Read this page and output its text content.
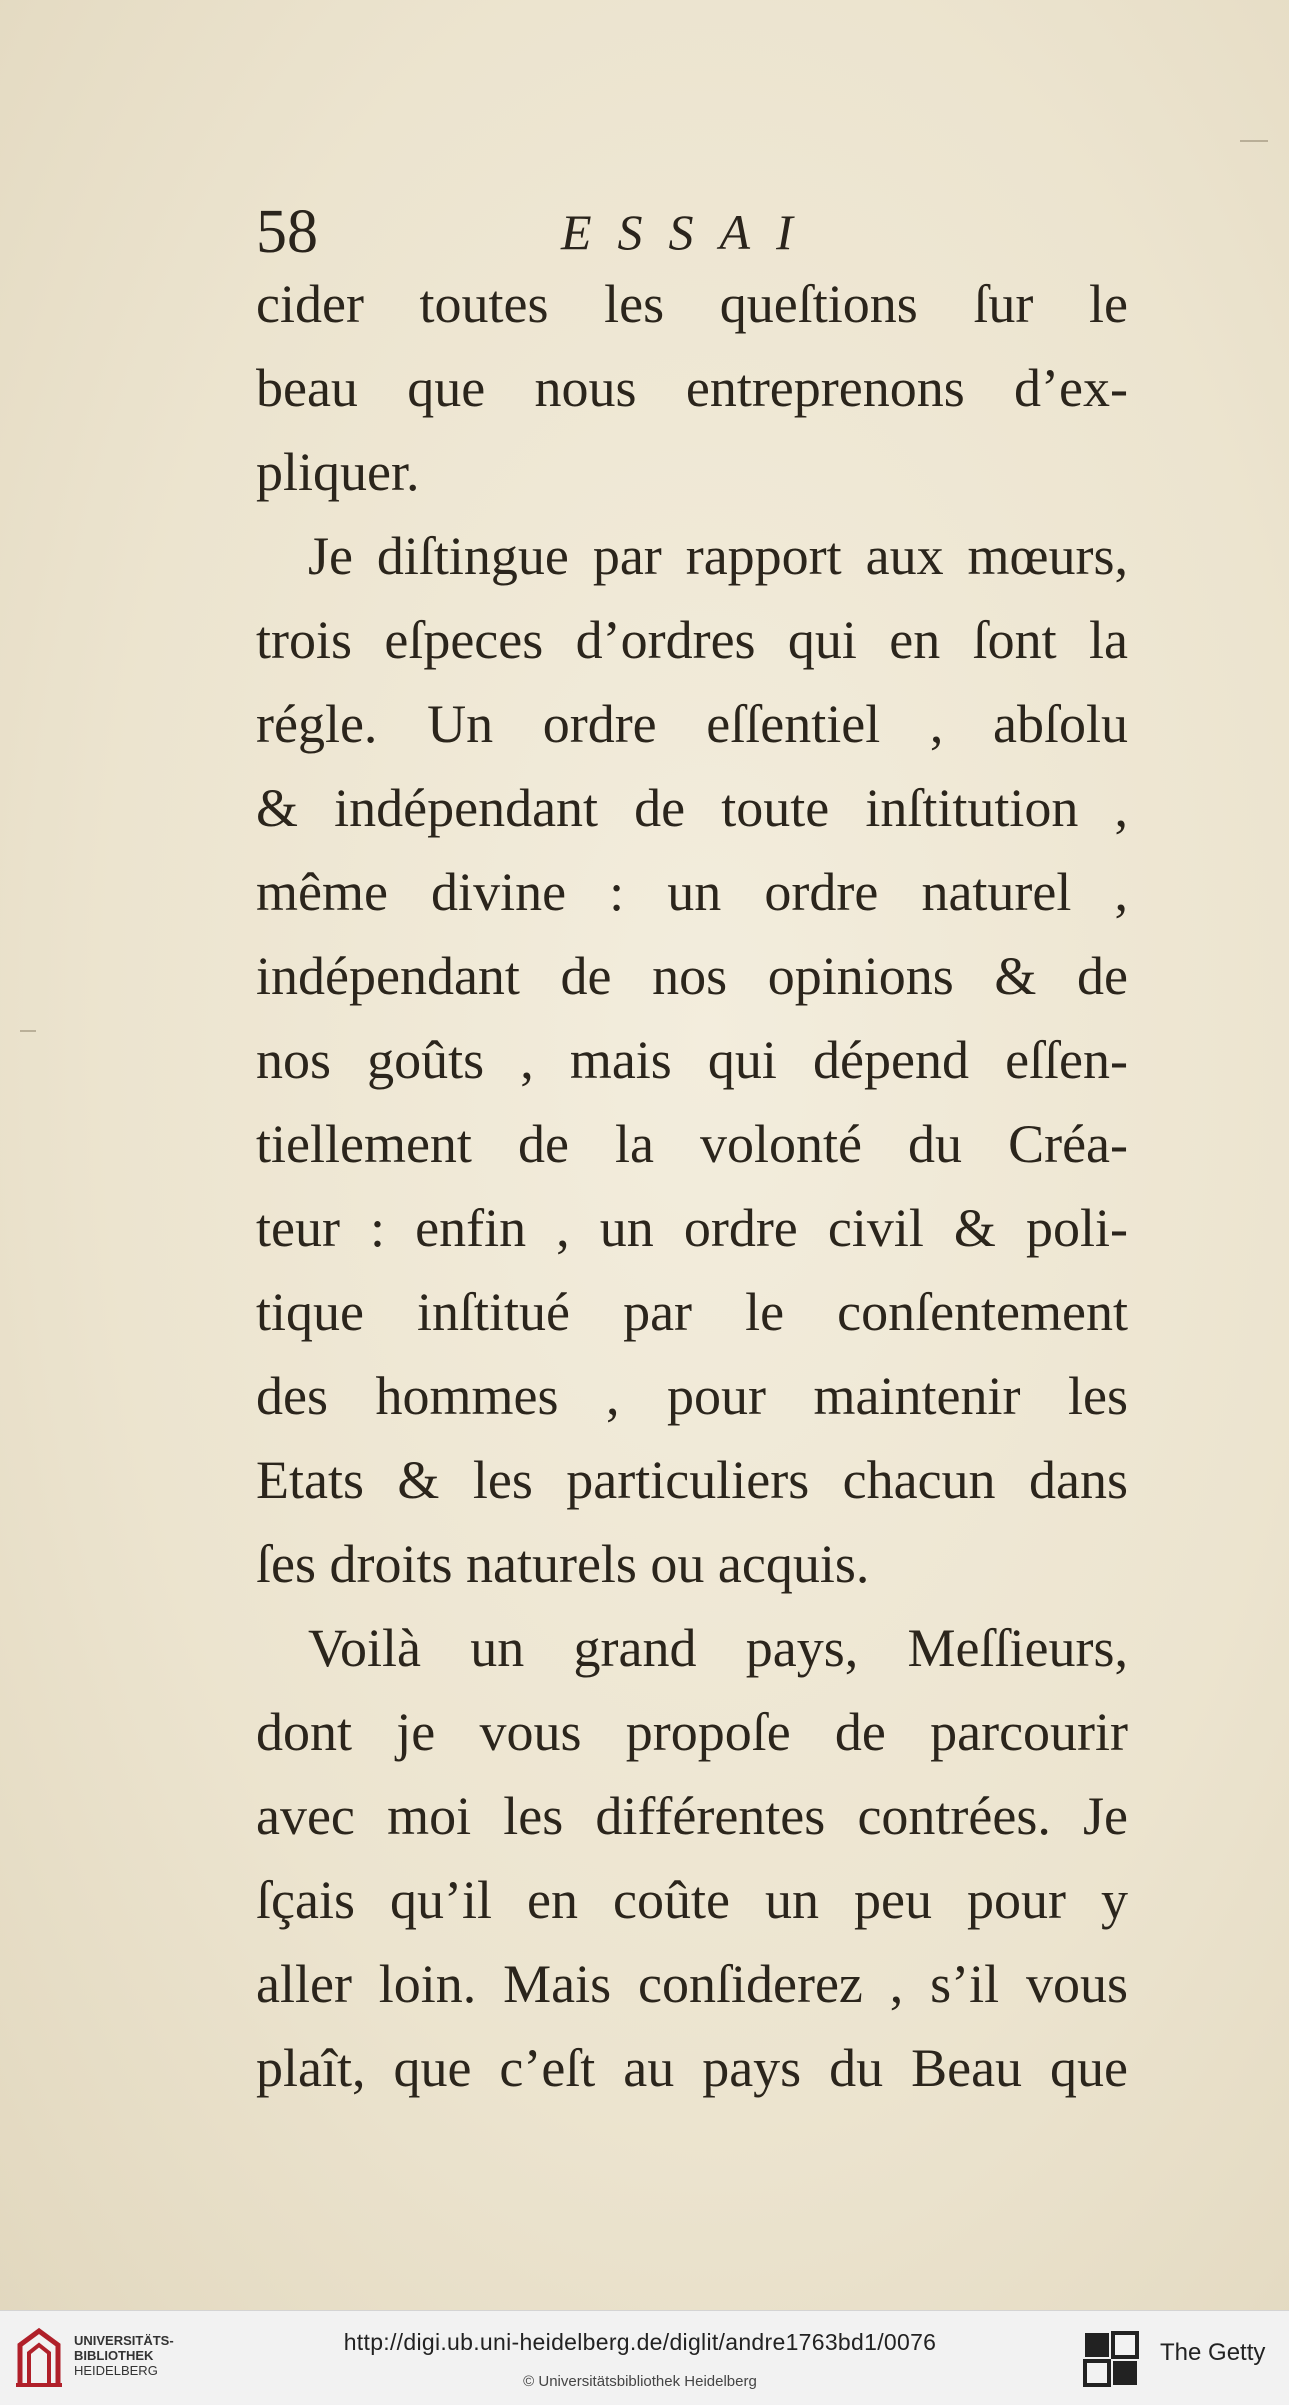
58	ESSAI
cider toutes les queſtions ſur le
beau que nous entreprenons d’ex-
pliquer.
Je diſtingue par rapport aux mœurs,
trois eſpeces d’ordres qui en ſont la
régle. Un ordre eſſentiel , abſolu
& indépendant de toute inſtitution ,
même divine : un ordre naturel ,
indépendant de nos opinions & de
nos goûts , mais qui dépend eſſen-
tiellement de la volonté du Créa-
teur : enfin , un ordre civil & poli-
tique inſtitué par le conſentement
des hommes , pour maintenir les
Etats & les particuliers chacun dans
ſes droits naturels ou acquis.
Voilà un grand pays, Meſſieurs,
dont je vous propoſe de parcourir
avec moi les différentes contrées. Je
ſçais qu’il en coûte un peu pour y
aller loin. Mais conſiderez , s’il vous
plaît, que c’eſt au pays du Beau que
UNIVERSITÄTS-
BIBLIOTHEK
HEIDELBERG
http://digi.ub.uni-heidelberg.de/diglit/andre1763bd1/0076
© Universitätsbibliothek Heidelberg
The Getty
